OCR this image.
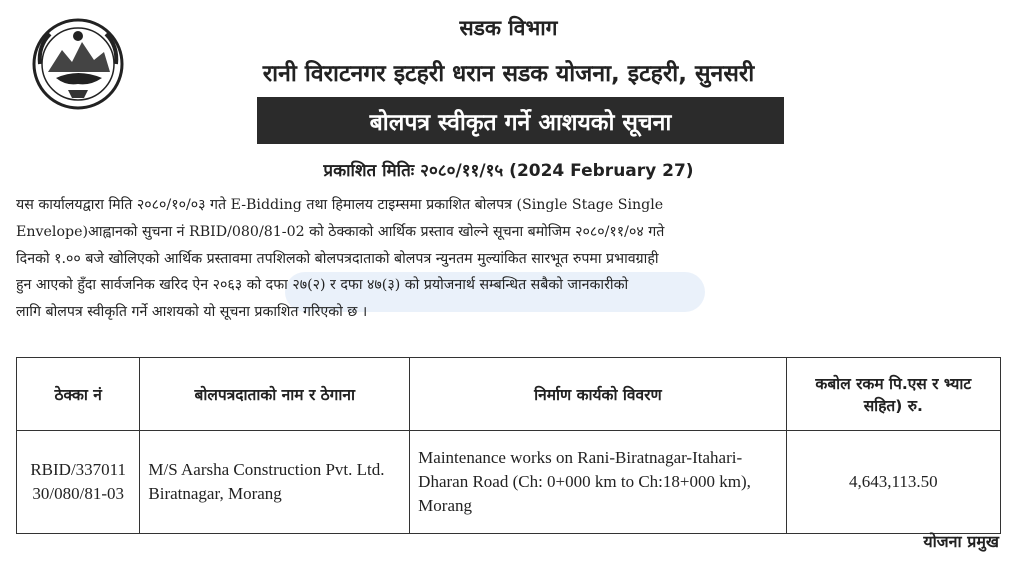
सडक विभाग
रानी विराटनगर इटहरी धरान सडक योजना, इटहरी, सुनसरी
बोलपत्र स्वीकृत गर्ने आशयको सूचना
प्रकाशित मितिः २०८०/११/१५ (2024 February 27)
यस कार्यालयद्वारा मिति २०८०/१०/०३ गते E-Bidding तथा हिमालय टाइम्समा प्रकाशित बोलपत्र (Single Stage Single
Envelope)आह्वानको सुचना नं RBID/080/81-02 को ठेक्काको आर्थिक प्रस्ताव खोल्ने सूचना बमोजिम २०८०/११/०४ गते
दिनको १.०० बजे खोलिएको आर्थिक प्रस्तावमा तपशिलको बोलपत्रदाताको बोलपत्र न्युनतम मुल्यांकित सारभूत रुपमा प्रभावग्राही
हुन आएको हुँदा सार्वजनिक खरिद ऐन २०६३ को दफा २७(२) र दफा ४७(३) को प्रयोजनार्थ सम्बन्धित सबैको जानकारीको
लागि बोलपत्र स्वीकृति गर्ने आशयको यो सूचना प्रकाशित गरिएको छ ।
ठेक्का नं	बोलपत्रदाताको नाम र ठेगाना	निर्माण कार्यको विवरण	कबोल रकम पि.एस र भ्याट सहित) रु.
RBID/337011 30/080/81-03	M/S Aarsha Construction Pvt. Ltd. Biratnagar, Morang	Maintenance works on Rani-Biratnagar-Itahari-Dharan Road (Ch: 0+000 km to Ch:18+000 km), Morang	4,643,113.50
योजना प्रमुख
